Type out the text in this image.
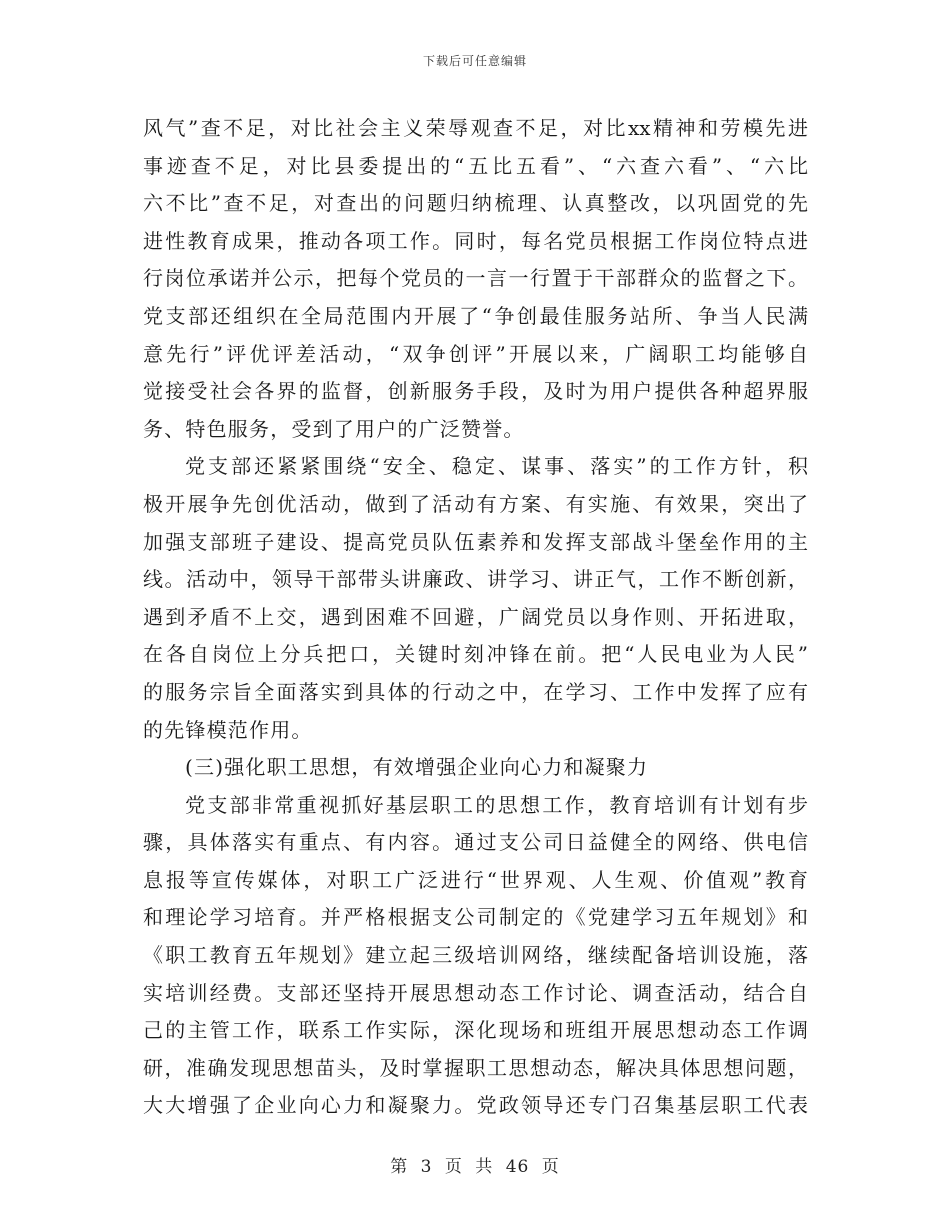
下载后可任意编辑
风气”查不足，对比社会主义荣辱观查不足，对比xx精神和劳模先进
事迹查不足，对比县委提出的“五比五看”、“六查六看”、“六比
六不比”查不足，对查出的问题归纳梳理、认真整改，以巩固党的先
进性教育成果，推动各项工作。同时，每名党员根据工作岗位特点进
行岗位承诺并公示，把每个党员的一言一行置于干部群众的监督之下。
党支部还组织在全局范围内开展了“争创最佳服务站所、争当人民满
意先行”评优评差活动，“双争创评”开展以来，广阔职工均能够自
觉接受社会各界的监督，创新服务手段，及时为用户提供各种超界服
务、特色服务，受到了用户的广泛赞誉。
党支部还紧紧围绕“安全、稳定、谋事、落实”的工作方针，积
极开展争先创优活动，做到了活动有方案、有实施、有效果，突出了
加强支部班子建设、提高党员队伍素养和发挥支部战斗堡垒作用的主
线。活动中，领导干部带头讲廉政、讲学习、讲正气，工作不断创新，
遇到矛盾不上交，遇到困难不回避，广阔党员以身作则、开拓进取，
在各自岗位上分兵把口，关键时刻冲锋在前。把“人民电业为人民”
的服务宗旨全面落实到具体的行动之中，在学习、工作中发挥了应有
的先锋模范作用。
(三)强化职工思想，有效增强企业向心力和凝聚力
党支部非常重视抓好基层职工的思想工作，教育培训有计划有步
骤，具体落实有重点、有内容。通过支公司日益健全的网络、供电信
息报等宣传媒体，对职工广泛进行“世界观、人生观、价值观”教育
和理论学习培育。并严格根据支公司制定的《党建学习五年规划》和
《职工教育五年规划》建立起三级培训网络，继续配备培训设施，落
实培训经费。支部还坚持开展思想动态工作讨论、调查活动，结合自
己的主管工作，联系工作实际，深化现场和班组开展思想动态工作调
研，准确发现思想苗头，及时掌握职工思想动态，解决具体思想问题，
大大增强了企业向心力和凝聚力。党政领导还专门召集基层职工代表
第 3 页 共 46 页
